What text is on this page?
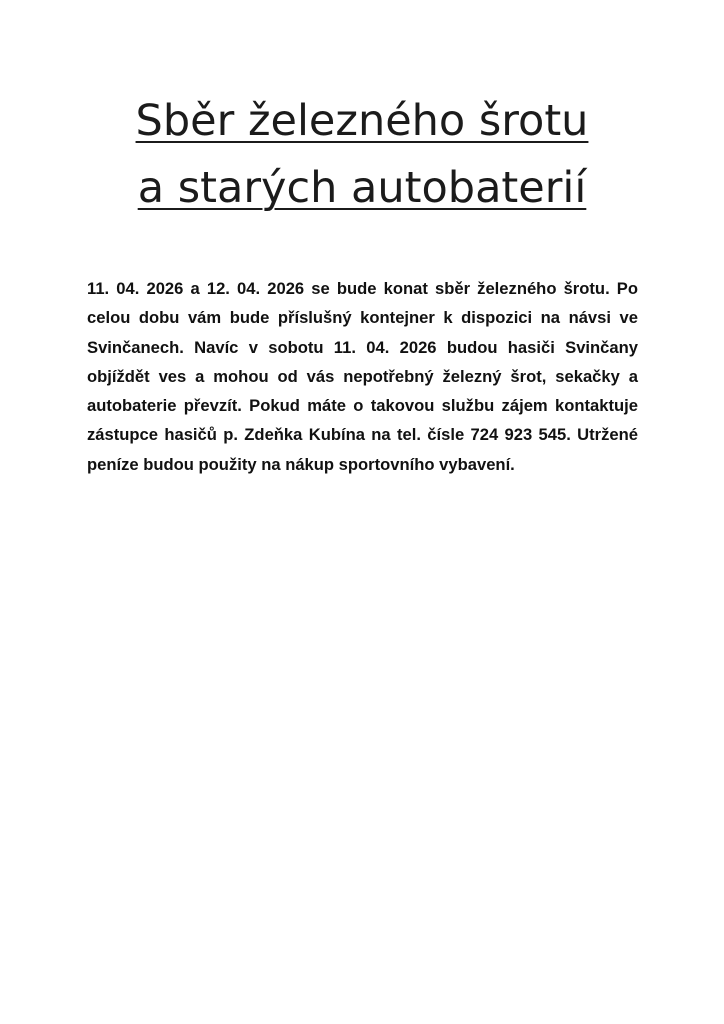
Sběr železného šrotu
a starých autobaterií

11. 04. 2026 a 12. 04. 2026 se bude konat sběr železného šrotu. Po celou dobu vám bude příslušný kontejner k dispozici na návsi ve Svinčanech. Navíc v sobotu 11. 04. 2026 budou hasiči Svinčany objíždět ves a mohou od vás nepotřebný železný šrot, sekačky a autobaterie převzít. Pokud máte o takovou službu zájem kontaktuje zástupce hasičů p. Zdeňka Kubína na tel. čísle 724 923 545. Utržené peníze budou použity na nákup sportovního vybavení.
